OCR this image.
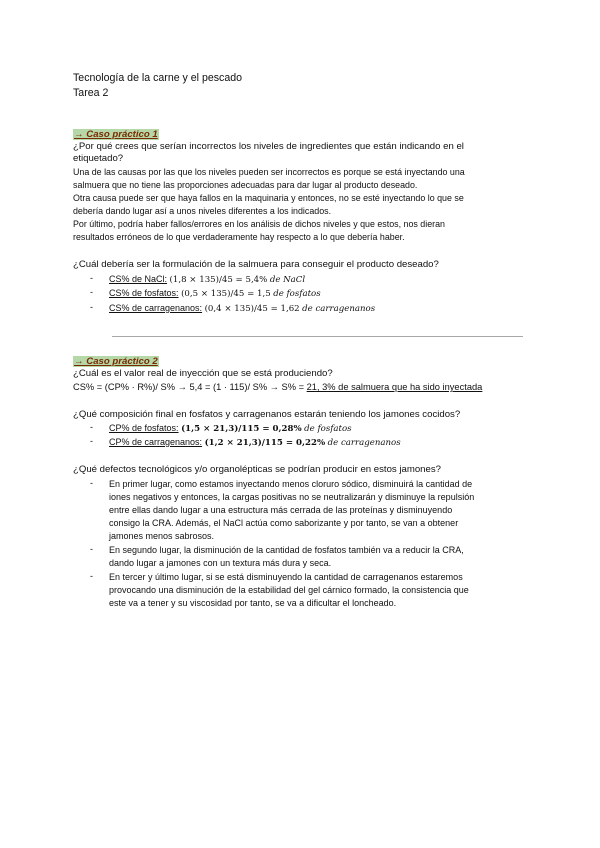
Tecnología de la carne y el pescado
Tarea 2
→ Caso práctico 1
¿Por qué crees que serían incorrectos los niveles de ingredientes que están indicando en el
etiquetado?
Una de las causas por las que los niveles pueden ser incorrectos es porque se está inyectando una
salmuera que no tiene las proporciones adecuadas para dar lugar al producto deseado.
Otra causa puede ser que haya fallos en la maquinaria y entonces, no se esté inyectando lo que se
debería dando lugar así a unos niveles diferentes a los indicados.
Por último, podría haber fallos/errores en los análisis de dichos niveles y que estos, nos dieran
resultados erróneos de lo que verdaderamente hay respecto a lo que debería haber.
¿Cuál debería ser la formulación de la salmuera para conseguir el producto deseado?
- CS% de NaCl: (1,8 × 135)/45 = 5,4% de NaCl
- CS% de fosfatos: (0,5 × 135)/45 = 1,5 de fosfatos
- CS% de carragenanos: (0,4 × 135)/45 = 1,62 de carragenanos
→ Caso práctico 2
¿Cuál es el valor real de inyección que se está produciendo?
CS% = (CP% · R%)/ S% → 5,4 = (1 · 115)/ S% → S% = 21, 3% de salmuera que ha sido inyectada
¿Qué composición final en fosfatos y carragenanos estarán teniendo los jamones cocidos?
- CP% de fosfatos: (1,5 × 21,3)/115 = 0,28% de fosfatos
- CP% de carragenanos: (1,2 × 21,3)/115 = 0,22% de carragenanos
¿Qué defectos tecnológicos y/o organolépticas se podrían producir en estos jamones?
- En primer lugar, como estamos inyectando menos cloruro sódico, disminuirá la cantidad de
iones negativos y entonces, la cargas positivas no se neutralizarán y disminuye la repulsión
entre ellas dando lugar a una estructura más cerrada de las proteínas y disminuyendo
consigo la CRA. Además, el NaCl actúa como saborizante y por tanto, se van a obtener
jamones menos sabrosos.
- En segundo lugar, la disminución de la cantidad de fosfatos también va a reducir la CRA,
dando lugar a jamones con un textura más dura y seca.
- En tercer y último lugar, si se está disminuyendo la cantidad de carragenanos estaremos
provocando una disminución de la estabilidad del gel cárnico formado, la consistencia que
este va a tener y su viscosidad por tanto, se va a dificultar el loncheado.
